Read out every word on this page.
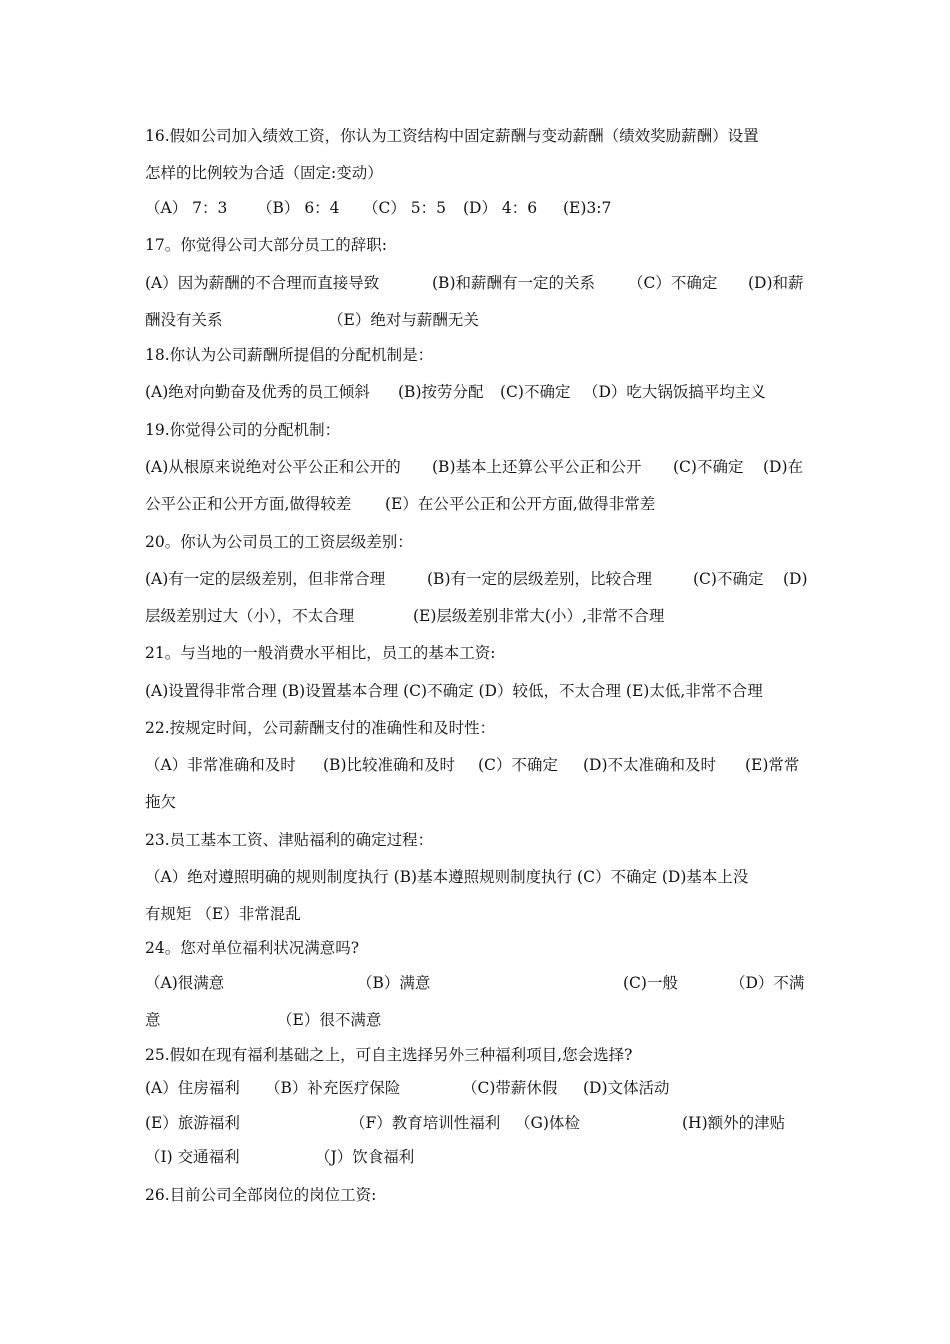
16.假如公司加入绩效工资，你认为工资结构中固定薪酬与变动薪酬（绩效奖励薪酬）设置
怎样的比例较为合适（固定:变动）
（A） 7：3 （B） 6：4 （C） 5：5 (D） 4：6 (E)3:7
17。你觉得公司大部分员工的辞职:
(A）因为薪酬的不合理而直接导致	(B)和薪酬有一定的关系 （C）不确定 (D)和薪
酬没有关系	（E）绝对与薪酬无关
18.你认为公司薪酬所提倡的分配机制是：
(A)绝对向勤奋及优秀的员工倾斜 (B)按劳分配 (C)不确定 （D）吃大锅饭搞平均主义
19.你觉得公司的分配机制：
(A)从根原来说绝对公平公正和公开的 (B)基本上还算公平公正和公开 (C)不确定 (D)在
公平公正和公开方面,做得较差 (E）在公平公正和公开方面,做得非常差
20。你认为公司员工的工资层级差别：
(A)有一定的层级差别，但非常合理	(B)有一定的层级差别，比较合理	(C)不确定 (D)
层级差别过大（小），不太合理	(E)层级差别非常大(小）,非常不合理
21。与当地的一般消费水平相比，员工的基本工资:
(A)设置得非常合理 (B)设置基本合理 (C)不确定 (D）较低，不太合理 (E)太低,非常不合理
22.按规定时间，公司薪酬支付的准确性和及时性：
（A）非常准确和及时 (B)比较准确和及时 (C）不确定 (D)不太准确和及时 (E)常常
拖欠
23.员工基本工资、津贴福利的确定过程：
（A）绝对遵照明确的规则制度执行 (B)基本遵照规则制度执行 (C）不确定 (D)基本上没
有规矩 （E）非常混乱
24。您对单位福利状况满意吗?
（A)很满意	（B）满意	(C)一般	（D）不满
意	（E）很不满意
25.假如在现有福利基础之上，可自主选择另外三种福利项目,您会选择?
(A）住房福利 （B）补充医疗保险	（C)带薪休假 (D)文体活动
(E）旅游福利	（F）教育培训性福利 （G)体检	(H)额外的津贴
（I) 交通福利	（J）饮食福利
26.目前公司全部岗位的岗位工资:
